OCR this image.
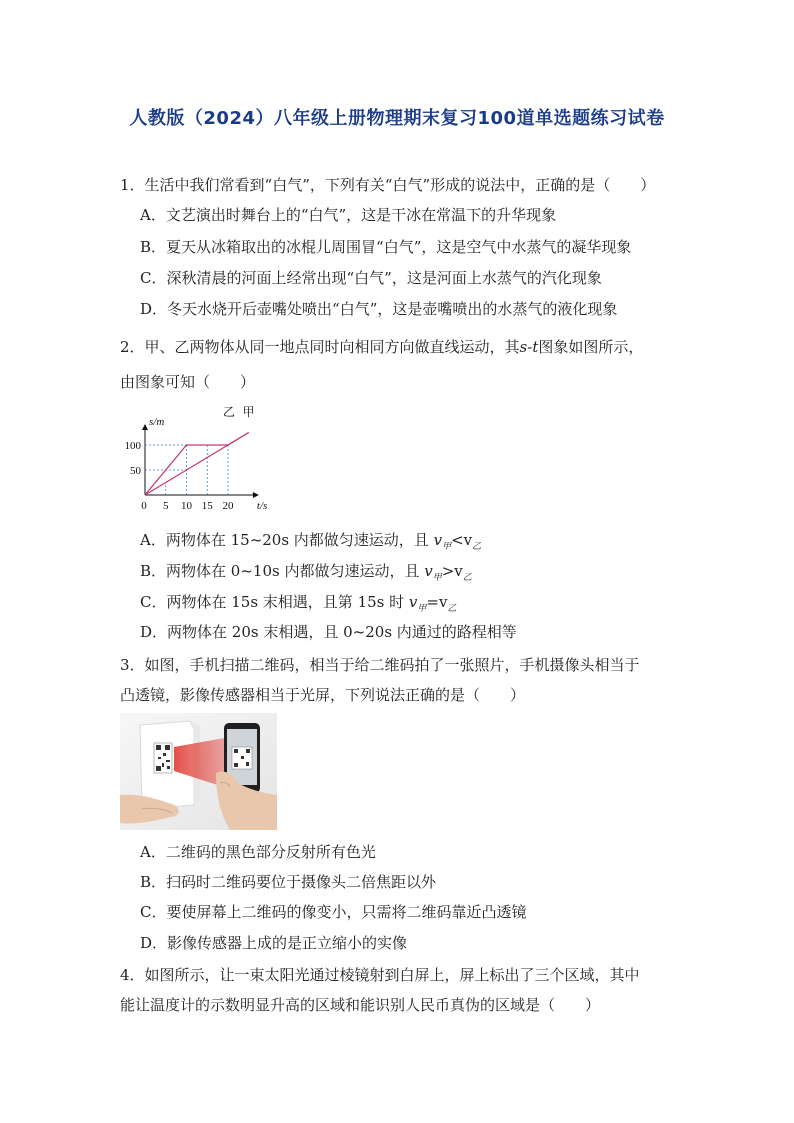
人教版（2024）八年级上册物理期末复习100道单选题练习试卷
1．生活中我们常看到“白气”，下列有关“白气”形成的说法中，正确的是（　　）
A．文艺演出时舞台上的“白气”，这是干冰在常温下的升华现象
B．夏天从冰箱取出的冰棍儿周围冒“白气”，这是空气中水蒸气的凝华现象
C．深秋清晨的河面上经常出现“白气”，这是河面上水蒸气的汽化现象
D．冬天水烧开后壶嘴处喷出“白气”，这是壶嘴喷出的水蒸气的液化现象
2．甲、乙两物体从同一地点同时向相同方向做直线运动，其s-t图象如图所示，
由图象可知（　　）
0 5 10 15 20
50
100
s/m
t/s
乙 甲
A．两物体在 15~20s 内都做匀速运动，且 $v_甲<v_乙$
B．两物体在 0~10s 内都做匀速运动，且 $v_甲>v_乙$
C．两物体在 15s 末相遇，且第 15s 时 $v_甲=v_乙$
D．两物体在 20s 末相遇，且 0~20s 内通过的路程相等
3．如图，手机扫描二维码，相当于给二维码拍了一张照片，手机摄像头相当于
凸透镜，影像传感器相当于光屏，下列说法正确的是（　　）
A．二维码的黑色部分反射所有色光
B．扫码时二维码要位于摄像头二倍焦距以外
C．要使屏幕上二维码的像变小，只需将二维码靠近凸透镜
D．影像传感器上成的是正立缩小的实像
4．如图所示，让一束太阳光通过棱镜射到白屏上，屏上标出了三个区域，其中
能让温度计的示数明显升高的区域和能识别人民币真伪的区域是（　　）
